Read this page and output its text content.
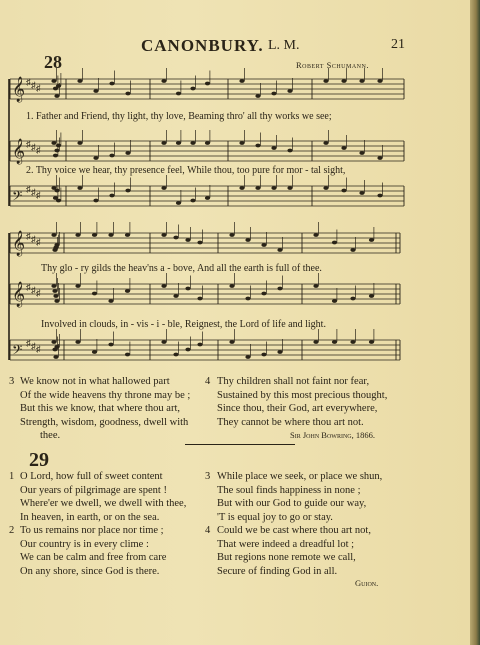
CANONBURY. L. M.	21
28	Robert Schumann.
𝄞 ♯ ♯ ♯
𝄞 ♯ ♯ ♯
𝄢 ♯ ♯ ♯
𝄞 ♯ ♯ ♯
𝄞 ♯ ♯ ♯
𝄢 ♯ ♯ ♯
1. Father and Friend, thy light, thy love, Beaming thro' all thy works we see;
2. Thy voice we hear, thy presence feel, While thou, too pure for mor - tal sight,
Thy glo - ry gilds the heav'ns a - bove, And all the earth is full of thee.
Involved in clouds, in - vis - i - ble, Reignest, the Lord of life and light.
3 We know not in what hallowed part
Of the wide heavens thy throne may be ;
But this we know, that where thou art,
Strength, wisdom, goodness, dwell with
thee.
4 Thy children shall not faint nor fear,
Sustained by this most precious thought,
Since thou, their God, art everywhere,
They cannot be where thou art not.
Sir John Bowring, 1866.
29
1 O Lord, how full of sweet content
Our years of pilgrimage are spent !
Where'er we dwell, we dwell with thee,
In heaven, in earth, or on the sea.
2 To us remains nor place nor time ;
Our country is in every clime :
We can be calm and free from care
On any shore, since God is there.
3 While place we seek, or place we shun,
The soul finds happiness in none ;
But with our God to guide our way,
'T is equal joy to go or stay.
4 Could we be cast where thou art not,
That were indeed a dreadful lot ;
But regions none remote we call,
Secure of finding God in all.
Guion.
